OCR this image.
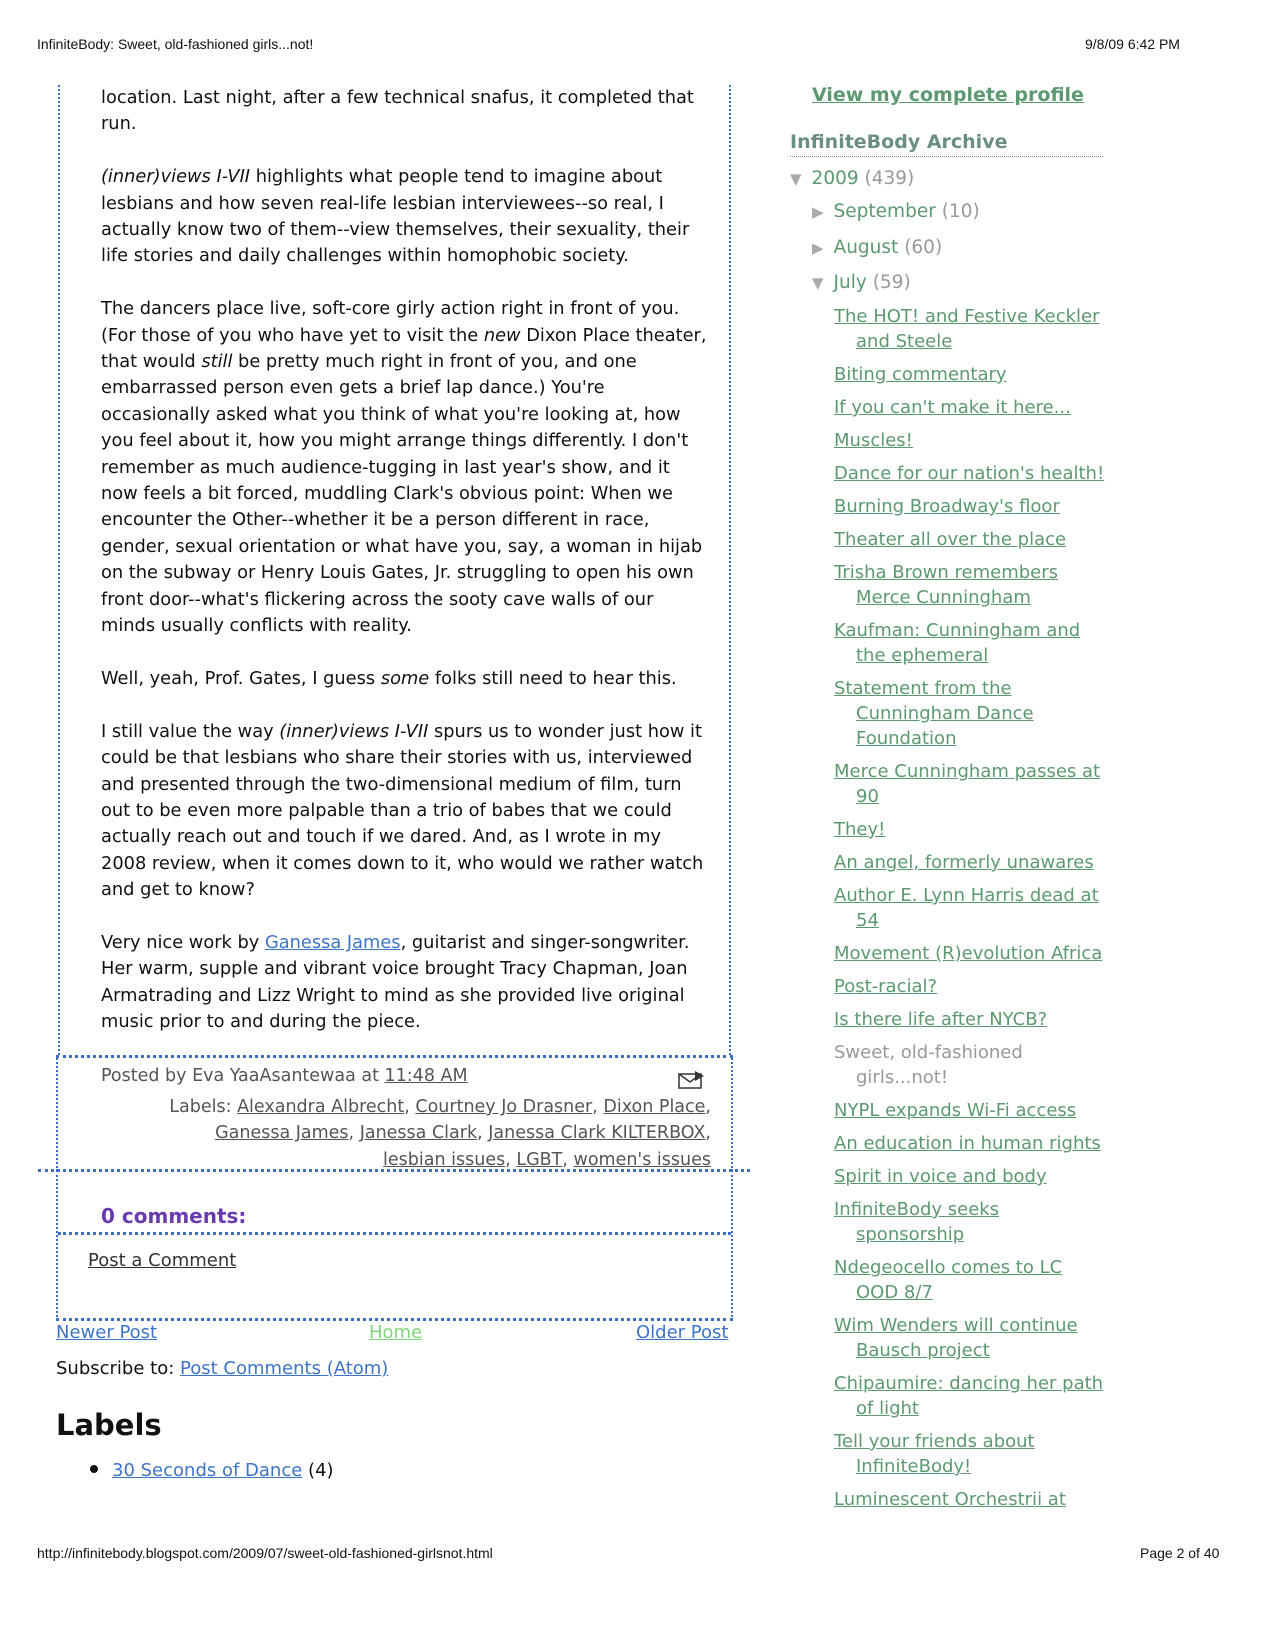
InfiniteBody: Sweet, old-fashioned girls...not!	9/8/09 6:42 PM

location. Last night, after a few technical snafus, it completed that run.

(inner)views I-VII highlights what people tend to imagine about lesbians and how seven real-life lesbian interviewees--so real, I actually know two of them--view themselves, their sexuality, their life stories and daily challenges within homophobic society.

The dancers place live, soft-core girly action right in front of you. (For those of you who have yet to visit the new Dixon Place theater, that would still be pretty much right in front of you, and one embarrassed person even gets a brief lap dance.) You're occasionally asked what you think of what you're looking at, how you feel about it, how you might arrange things differently. I don't remember as much audience-tugging in last year's show, and it now feels a bit forced, muddling Clark's obvious point: When we encounter the Other--whether it be a person different in race, gender, sexual orientation or what have you, say, a woman in hijab on the subway or Henry Louis Gates, Jr. struggling to open his own front door--what's flickering across the sooty cave walls of our minds usually conflicts with reality.

Well, yeah, Prof. Gates, I guess some folks still need to hear this.

I still value the way (inner)views I-VII spurs us to wonder just how it could be that lesbians who share their stories with us, interviewed and presented through the two-dimensional medium of film, turn out to be even more palpable than a trio of babes that we could actually reach out and touch if we dared. And, as I wrote in my 2008 review, when it comes down to it, who would we rather watch and get to know?

Very nice work by Ganessa James, guitarist and singer-songwriter. Her warm, supple and vibrant voice brought Tracy Chapman, Joan Armatrading and Lizz Wright to mind as she provided live original music prior to and during the piece.

Posted by Eva YaaAsantewaa at 11:48 AM
Labels: Alexandra Albrecht, Courtney Jo Drasner, Dixon Place, Ganessa James, Janessa Clark, Janessa Clark KILTERBOX, lesbian issues, LGBT, women's issues
0 comments:
Post a Comment
Newer Post	Home	Older Post
Subscribe to: Post Comments (Atom)
Labels
30 Seconds of Dance (4)
View my complete profile
InfiniteBody Archive
▼ 2009 (439)
▶ September (10)
▶ August (60)
▼ July (59)
The HOT! and Festive Keckler and Steele
Biting commentary
If you can't make it here...
Muscles!
Dance for our nation's health!
Burning Broadway's floor
Theater all over the place
Trisha Brown remembers Merce Cunningham
Kaufman: Cunningham and the ephemeral
Statement from the Cunningham Dance Foundation
Merce Cunningham passes at 90
They!
An angel, formerly unawares
Author E. Lynn Harris dead at 54
Movement (R)evolution Africa
Post-racial?
Is there life after NYCB?
Sweet, old-fashioned girls...not!
NYPL expands Wi-Fi access
An education in human rights
Spirit in voice and body
InfiniteBody seeks sponsorship
Ndegeocello comes to LC OOD 8/7
Wim Wenders will continue Bausch project
Chipaumire: dancing her path of light
Tell your friends about InfiniteBody!
Luminescent Orchestrii at
http://infinitebody.blogspot.com/2009/07/sweet-old-fashioned-girlsnot.html	Page 2 of 40
